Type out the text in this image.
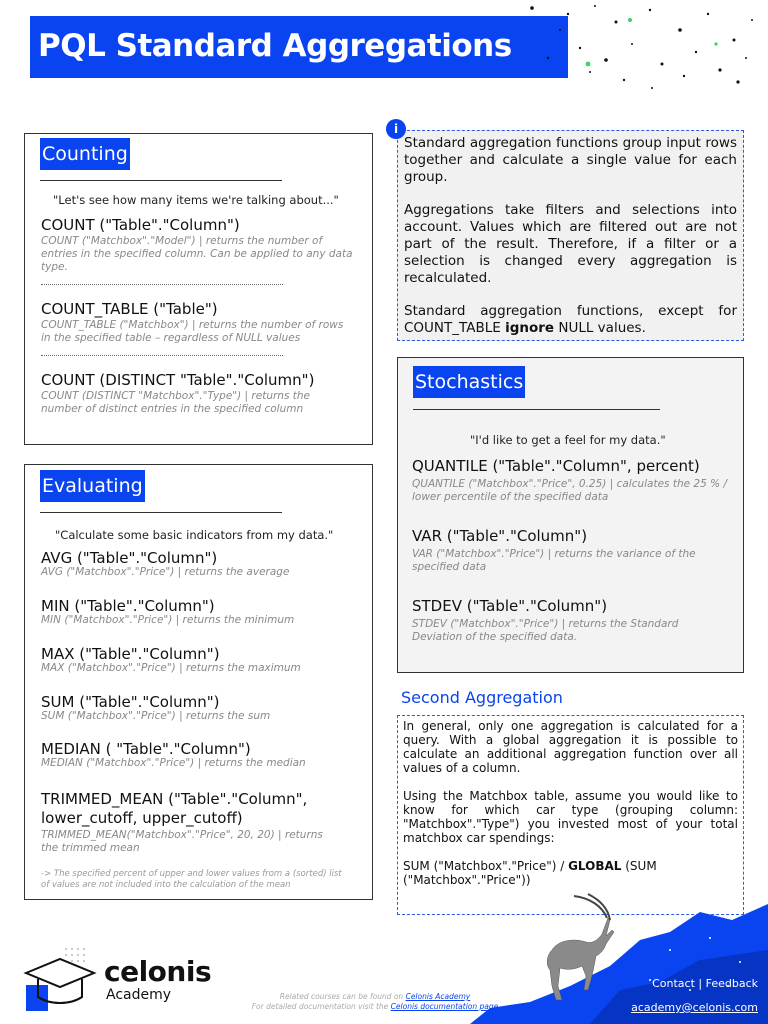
PQL Standard Aggregations
Counting
"Let's see how many items we're talking about..."
COUNT ("Table"."Column")
COUNT ("Matchbox"."Model") | returns the number of entries in the specified column. Can be applied to any data type.
COUNT_TABLE ("Table")
COUNT_TABLE ("Matchbox") | returns the number of rows in the specified table – regardless of NULL values
COUNT (DISTINCT "Table"."Column")
COUNT (DISTINCT "Matchbox"."Type") | returns the number of distinct entries in the specified column
Evaluating
"Calculate some basic indicators from my data."
AVG ("Table"."Column")
AVG ("Matchbox"."Price") | returns the average
MIN ("Table"."Column")
MIN ("Matchbox"."Price") | returns the minimum
MAX ("Table"."Column")
MAX ("Matchbox"."Price") | returns the maximum
SUM ("Table"."Column")
SUM ("Matchbox"."Price") | returns the sum
MEDIAN ( "Table"."Column")
MEDIAN ("Matchbox"."Price") | returns the median
TRIMMED_MEAN ("Table"."Column", lower_cutoff, upper_cutoff)
TRIMMED_MEAN("Matchbox"."Price", 20, 20) | returns the trimmed mean
-> The specified percent of upper and lower values from a (sorted) list of values are not included into the calculation of the mean

Standard aggregation functions group input rows together and calculate a single value for each group.

Aggregations take filters and selections into account. Values which are filtered out are not part of the result. Therefore, if a filter or a selection is changed every aggregation is recalculated.

Standard aggregation functions, except for COUNT_TABLE ignore NULL values.

i
Stochastics
"I'd like to get a feel for my data."
QUANTILE ("Table"."Column", percent)
QUANTILE ("Matchbox"."Price", 0.25) | calculates the 25 % / lower percentile of the specified data
VAR ("Table"."Column")
VAR ("Matchbox"."Price") | returns the variance of the specified data
STDEV ("Table"."Column")
STDEV ("Matchbox"."Price") | returns the Standard Deviation of the specified data.
Second Aggregation

In general, only one aggregation is calculated for a query. With a global aggregation it is possible to calculate an additional aggregation function over all values of a column.

Using the Matchbox table, assume you would like to know for which car type (grouping column: "Matchbox"."Type") you invested most of your total matchbox car spendings:

SUM ("Matchbox"."Price") / GLOBAL (SUM ("Matchbox"."Price"))

celonis
Academy	Related courses can be found on Celonis Academy
For detailed documentation visit the Celonis documentation page
Contact | Feedback
academy@celonis.com
